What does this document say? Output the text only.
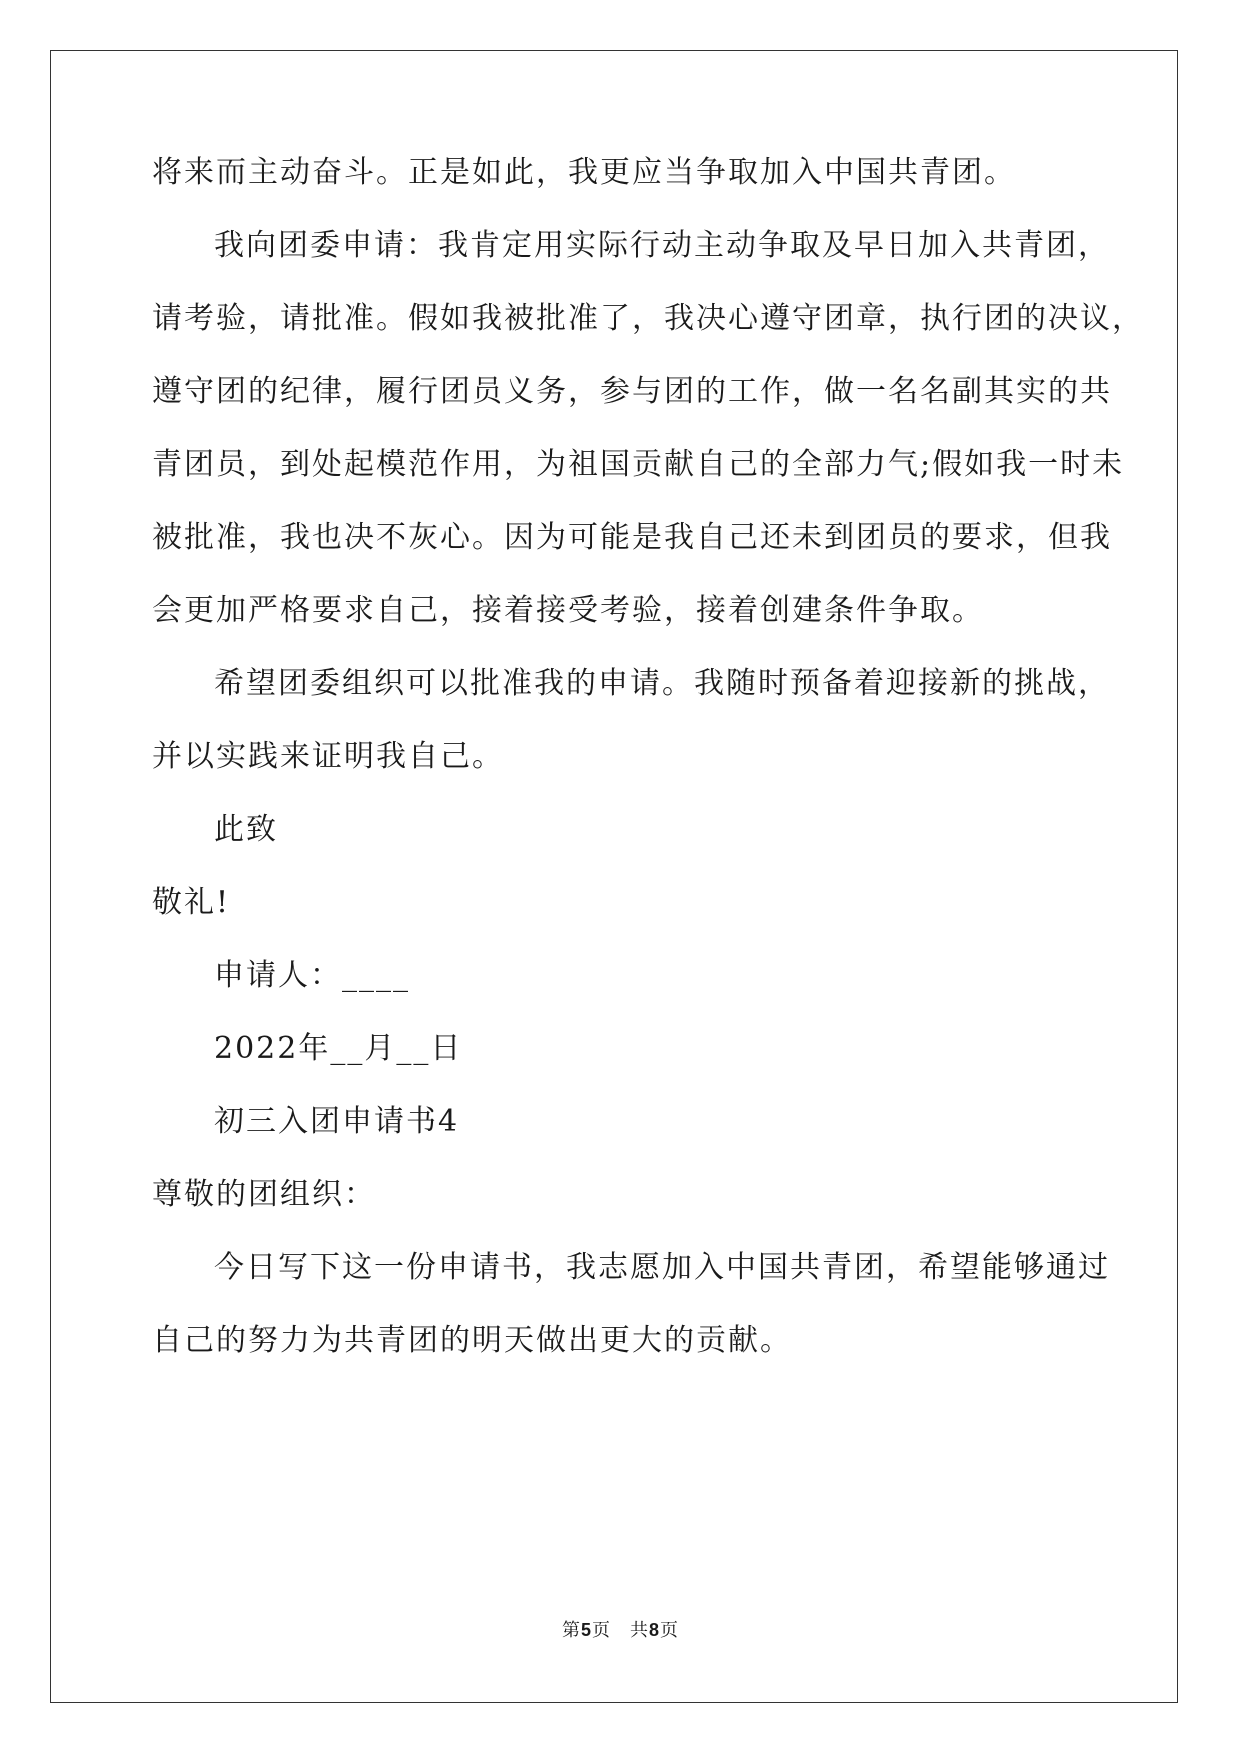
将来而主动奋斗。正是如此，我更应当争取加入中国共青团。
我向团委申请：我肯定用实际行动主动争取及早日加入共青团，
请考验，请批准。假如我被批准了，我决心遵守团章，执行团的决议，
遵守团的纪律，履行团员义务，参与团的工作，做一名名副其实的共
青团员，到处起模范作用，为祖国贡献自己的全部力气;假如我一时未
被批准，我也决不灰心。因为可能是我自己还未到团员的要求，但我
会更加严格要求自己，接着接受考验，接着创建条件争取。
希望团委组织可以批准我的申请。我随时预备着迎接新的挑战，
并以实践来证明我自己。
此致
敬礼!
申请人：____
2022年__月__日
初三入团申请书4
尊敬的团组织：
今日写下这一份申请书，我志愿加入中国共青团，希望能够通过
自己的努力为共青团的明天做出更大的贡献。
第5页　共8页
